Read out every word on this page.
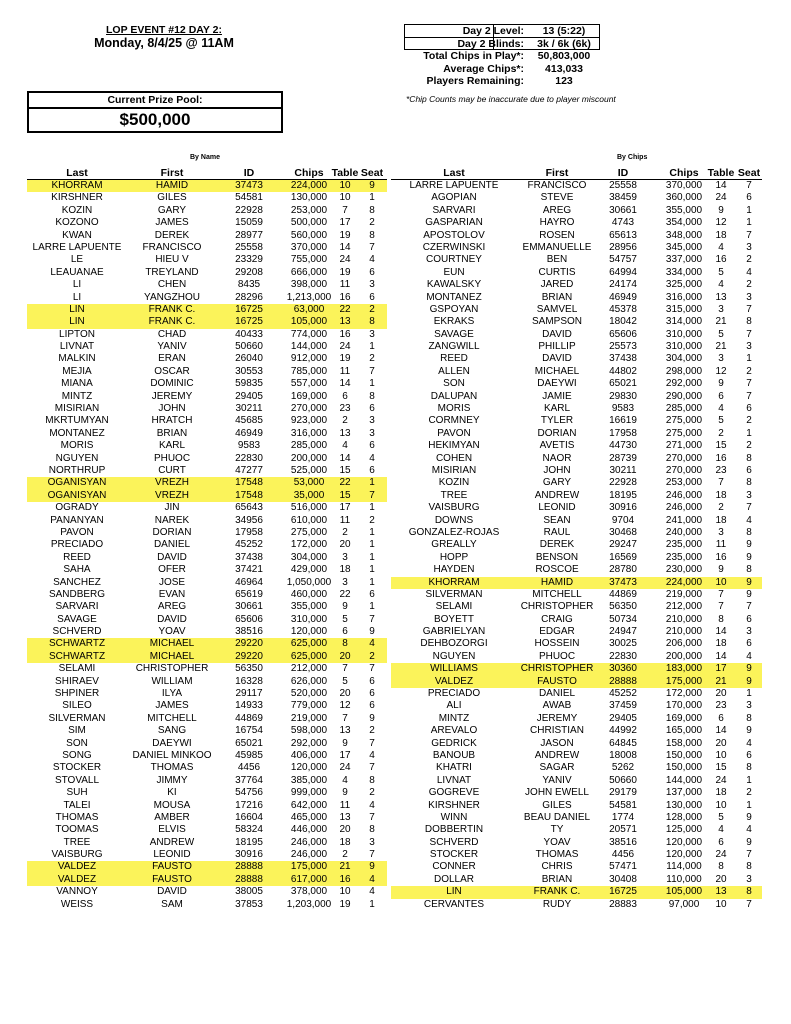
LOP EVENT #12 DAY 2:
Monday, 8/4/25 @ 11AM
Current Prize Pool:
$500,000
Day 2 Level:	13 (5:22)
Day 2 Blinds:	3k / 6k (6k)
Total Chips in Play*:	50,803,000
Average Chips*:	413,033
Players Remaining:	123
*Chip Counts may be inaccurate due to player miscount
By Name	By Chips
Last	First	ID	Chips Table Seat
KHORRAM	HAMID	37473	224,000	10	9
KIRSHNER	GILES	54581	130,000	10	1
KOZIN	GARY	22928	253,000	7	8
KOZONO	JAMES	15059	500,000	17	2
KWAN	DEREK	28977	560,000	19	8
LARRE LAPUENTE	FRANCISCO	25558	370,000	14	7
LE	HIEU V	23329	755,000	24	4
LEAUANAE	TREYLAND	29208	666,000	19	6
LI	CHEN	8435	398,000	11	3
LI	YANGZHOU	28296	1,213,000 16	6
LIN	FRANK C.	16725	63,000	22	2
LIN	FRANK C.	16725	105,000	13	8
LIPTON	CHAD	40433	774,000	16	3
LIVNAT	YANIV	50660	144,000	24	1
MALKIN	ERAN	26040	912,000	19	2
MEJIA	OSCAR	30553	785,000	11	7
MIANA	DOMINIC	59835	557,000	14	1
MINTZ	JEREMY	29405	169,000	6	8
MISIRIAN	JOHN	30211	270,000	23	6
MKRTUMYAN	HRATCH	45685	923,000	2	3
MONTANEZ	BRIAN	46949	316,000	13	3
MORIS	KARL	9583	285,000	4	6
NGUYEN	PHUOC	22830	200,000	14	4
NORTHRUP	CURT	47277	525,000	15	6
OGANISYAN	VREZH	17548	53,000	22	1
OGANISYAN	VREZH	17548	35,000	15	7
OGRADY	JIN	65643	516,000	17	1
PANANYAN	NAREK	34956	610,000	11	2
PAVON	DORIAN	17958	275,000	2	1
PRECIADO	DANIEL	45252	172,000	20	1
REED	DAVID	37438	304,000	3	1
SAHA	OFER	37421	429,000	18	1
SANCHEZ	JOSE	46964	1,050,000	3	1
SANDBERG	EVAN	65619	460,000	22	6
SARVARI	AREG	30661	355,000	9	1
SAVAGE	DAVID	65606	310,000	5	7
SCHVERD	YOAV	38516	120,000	6	9
SCHWARTZ	MICHAEL	29220	625,000	8	4
SCHWARTZ	MICHAEL	29220	625,000	20	2
SELAMI	CHRISTOPHER	56350	212,000	7	7
SHIRAEV	WILLIAM	16328	626,000	5	6
SHPINER	ILYA	29117	520,000	20	6
SILEO	JAMES	14933	779,000	12	6
SILVERMAN	MITCHELL	44869	219,000	7	9
SIM	SANG	16754	598,000	13	2
SON	DAEYWI	65021	292,000	9	7
SONG	DANIEL MINKOO	45985	406,000	17	4
STOCKER	THOMAS	4456	120,000	24	7
STOVALL	JIMMY	37764	385,000	4	8
SUH	KI	54756	999,000	9	2
TALEI	MOUSA	17216	642,000	11	4
THOMAS	AMBER	16604	465,000	13	7
TOOMAS	ELVIS	58324	446,000	20	8
TREE	ANDREW	18195	246,000	18	3
VAISBURG	LEONID	30916	246,000	2	7
VALDEZ	FAUSTO	28888	175,000	21	9
VALDEZ	FAUSTO	28888	617,000	16	4
VANNOY	DAVID	38005	378,000	10	4
WEISS	SAM	37853	1,203,000 19	1
Last	First	ID	Chips Table Seat
LARRE LAPUENTE	FRANCISCO	25558	370,000	14	7
AGOPIAN	STEVE	38459	360,000	24	6
SARVARI	AREG	30661	355,000	9	1
GASPARIAN	HAYRO	4743	354,000	12	1
APOSTOLOV	ROSEN	65613	348,000	18	7
CZERWINSKI	EMMANUELLE	28956	345,000	4	3
COURTNEY	BEN	54757	337,000	16	2
EUN	CURTIS	64994	334,000	5	4
KAWALSKY	JARED	24174	325,000	4	2
MONTANEZ	BRIAN	46949	316,000	13	3
GSPOYAN	SAMVEL	45378	315,000	3	7
EKRAKS	SAMPSON	18042	314,000	21	8
SAVAGE	DAVID	65606	310,000	5	7
ZANGWILL	PHILLIP	25573	310,000	21	3
REED	DAVID	37438	304,000	3	1
ALLEN	MICHAEL	44802	298,000	12	2
SON	DAEYWI	65021	292,000	9	7
DALUPAN	JAMIE	29830	290,000	6	7
MORIS	KARL	9583	285,000	4	6
CORMNEY	TYLER	16619	275,000	5	2
PAVON	DORIAN	17958	275,000	2	1
HEKIMYAN	AVETIS	44730	271,000	15	2
COHEN	NAOR	28739	270,000	16	8
MISIRIAN	JOHN	30211	270,000	23	6
KOZIN	GARY	22928	253,000	7	8
TREE	ANDREW	18195	246,000	18	3
VAISBURG	LEONID	30916	246,000	2	7
DOWNS	SEAN	9704	241,000	18	4
GONZALEZ-ROJAS	RAUL	30468	240,000	3	8
GREALLY	DEREK	29247	235,000	11	9
HOPP	BENSON	16569	235,000	16	9
HAYDEN	ROSCOE	28780	230,000	9	8
KHORRAM	HAMID	37473	224,000	10	9
SILVERMAN	MITCHELL	44869	219,000	7	9
SELAMI	CHRISTOPHER	56350	212,000	7	7
BOYETT	CRAIG	50734	210,000	8	6
GABRIELYAN	EDGAR	24947	210,000	14	3
DEHBOZORGI	HOSSEIN	30025	206,000	18	6
NGUYEN	PHUOC	22830	200,000	14	4
WILLIAMS	CHRISTOPHER	30360	183,000	17	9
VALDEZ	FAUSTO	28888	175,000	21	9
PRECIADO	DANIEL	45252	172,000	20	1
ALI	AWAB	37459	170,000	23	3
MINTZ	JEREMY	29405	169,000	6	8
AREVALO	CHRISTIAN	44992	165,000	14	9
GEDRICK	JASON	64845	158,000	20	4
BANOUB	ANDREW	18008	150,000	10	6
KHATRI	SAGAR	5262	150,000	15	8
LIVNAT	YANIV	50660	144,000	24	1
GOGREVE	JOHN EWELL	29179	137,000	18	2
KIRSHNER	GILES	54581	130,000	10	1
WINN	BEAU DANIEL	1774	128,000	5	9
DOBBERTIN	TY	20571	125,000	4	4
SCHVERD	YOAV	38516	120,000	6	9
STOCKER	THOMAS	4456	120,000	24	7
CONNER	CHRIS	57471	114,000	8	8
DOLLAR	BRIAN	30408	110,000	20	3
LIN	FRANK C.	16725	105,000	13	8
CERVANTES	RUDY	28883	97,000	10	7
